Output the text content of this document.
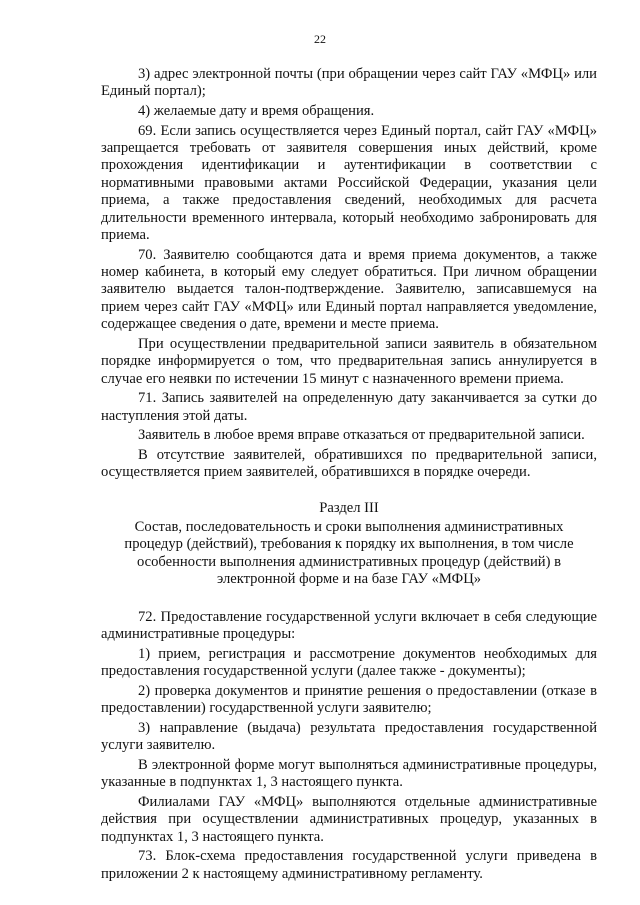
22

3) адрес электронной почты (при обращении через сайт ГАУ «МФЦ» или Единый портал);

4) желаемые дату и время обращения.

69. Если запись осуществляется через Единый портал, сайт ГАУ «МФЦ» запрещается требовать от заявителя совершения иных действий, кроме прохождения идентификации и аутентификации в соответствии с нормативными правовыми актами Российской Федерации, указания цели приема, а также предоставления сведений, необходимых для расчета длительности временного интервала, который необходимо забронировать для приема.

70. Заявителю сообщаются дата и время приема документов, а также номер кабинета, в который ему следует обратиться. При личном обращении заявителю выдается талон-подтверждение. Заявителю, записавшемуся на прием через сайт ГАУ «МФЦ» или Единый портал направляется уведомление, содержащее сведения о дате, времени и месте приема.

При осуществлении предварительной записи заявитель в обязательном порядке информируется о том, что предварительная запись аннулируется в случае его неявки по истечении 15 минут с назначенного времени приема.

71. Запись заявителей на определенную дату заканчивается за сутки до наступления этой даты.

Заявитель в любое время вправе отказаться от предварительной записи.

В отсутствие заявителей, обратившихся по предварительной записи, осуществляется прием заявителей, обратившихся в порядке очереди.

Раздел III
Состав, последовательность и сроки выполнения административных процедур (действий), требования к порядку их выполнения, в том числе особенности выполнения административных процедур (действий) в электронной форме и на базе ГАУ «МФЦ»

72. Предоставление государственной услуги включает в себя следующие административные процедуры:

1) прием, регистрация и рассмотрение документов необходимых для предоставления государственной услуги (далее также - документы);

2) проверка документов и принятие решения о предоставлении (отказе в предоставлении) государственной услуги заявителю;

3) направление (выдача) результата предоставления государственной услуги заявителю.

В электронной форме могут выполняться административные процедуры, указанные в подпунктах 1, 3 настоящего пункта.

Филиалами ГАУ «МФЦ» выполняются отдельные административные действия при осуществлении административных процедур, указанных в подпунктах 1, 3 настоящего пункта.

73. Блок-схема предоставления государственной услуги приведена в приложении 2 к настоящему административному регламенту.
